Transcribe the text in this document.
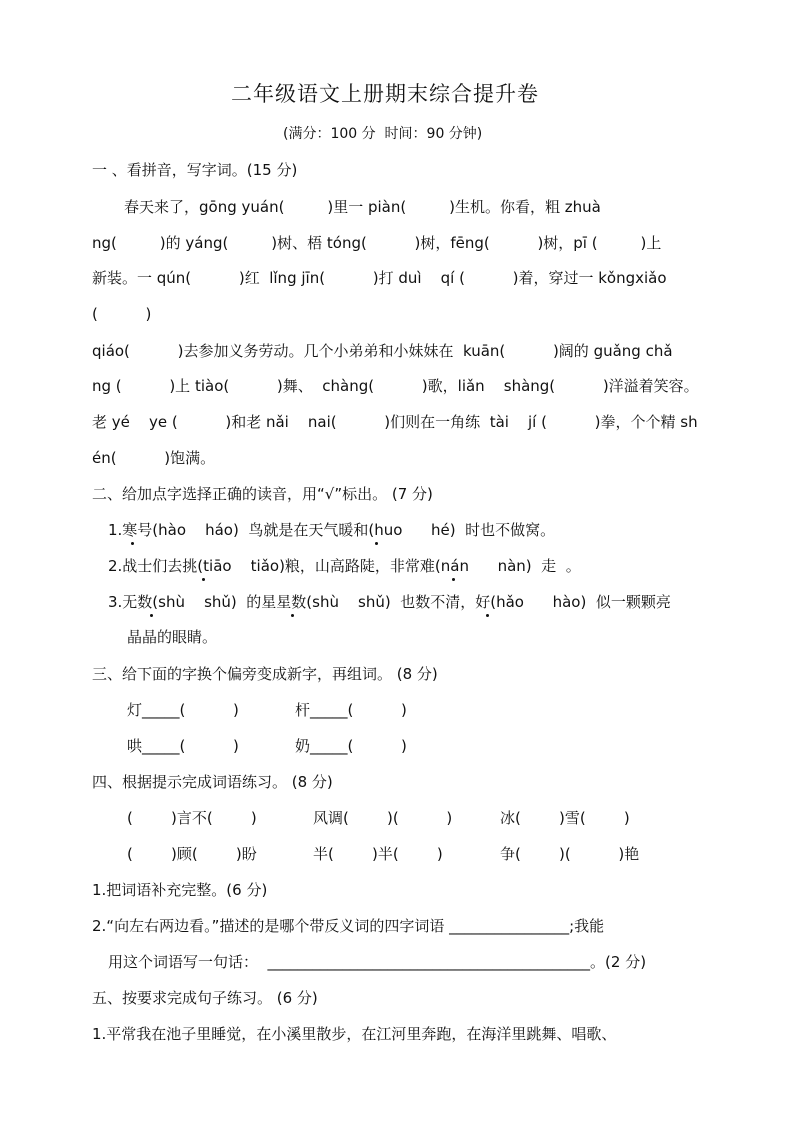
二年级语文上册期末综合提升卷
(满分：100 分  时间：90 分钟)
一 、看拼音，写字词。(15 分)
春天来了，gōng yuán(         )里一 piàn(         )生机。你看，粗 zhuà
ng(         )的 yáng(         )树、梧 tóng(          )树，fēng(          )树，pī (         )上
新装。一 qún(          )红  lǐng jīn(          )打 duì    qí (          )着，穿过一 kǒngxiǎo
(          )
qiáo(          )去参加义务劳动。几个小弟弟和小妹妹在  kuān(          )阔的 guǎng chǎ
ng (          )上 tiào(          )舞、  chàng(          )歌，liǎn    shàng(          )洋溢着笑容。
老 yé    ye (          )和老 nǎi    nai(          )们则在一角练  tài    jí (          )拳，个个精 sh
én(          )饱满。
二、给加点字选择正确的读音，用“√”标出。 (7 分)
1.寒号(hào    háo)  鸟就是在天气暖和(huo      hé)  时也不做窝。
2.战士们去挑(tiāo    tiǎo)粮，山高路陡，非常难(nán      nàn)  走  。
3.无数(shù    shǔ)  的星星数(shù    shǔ)  也数不清，好(hǎo      hào)  似一颗颗亮
晶晶的眼睛。
三、给下面的字换个偏旁变成新字，再组词。 (8 分)
灯_____(          )	杆_____(          )
哄_____(          )	奶_____(          )
四、根据提示完成词语练习。 (8 分)
(        )言不(        )	风调(        )(          )	冰(        )雪(        )
(        )顾(        )盼	半(        )半(        )	争(        )(          )艳
1.把词语补充完整。(6 分)
2.“向左右两边看。”描述的是哪个带反义词的四字词语 ________________;我能
用这个词语写一句话：  ___________________________________________。(2 分)
五、按要求完成句子练习。 (6 分)
1.平常我在池子里睡觉，在小溪里散步，在江河里奔跑，在海洋里跳舞、唱歌、
